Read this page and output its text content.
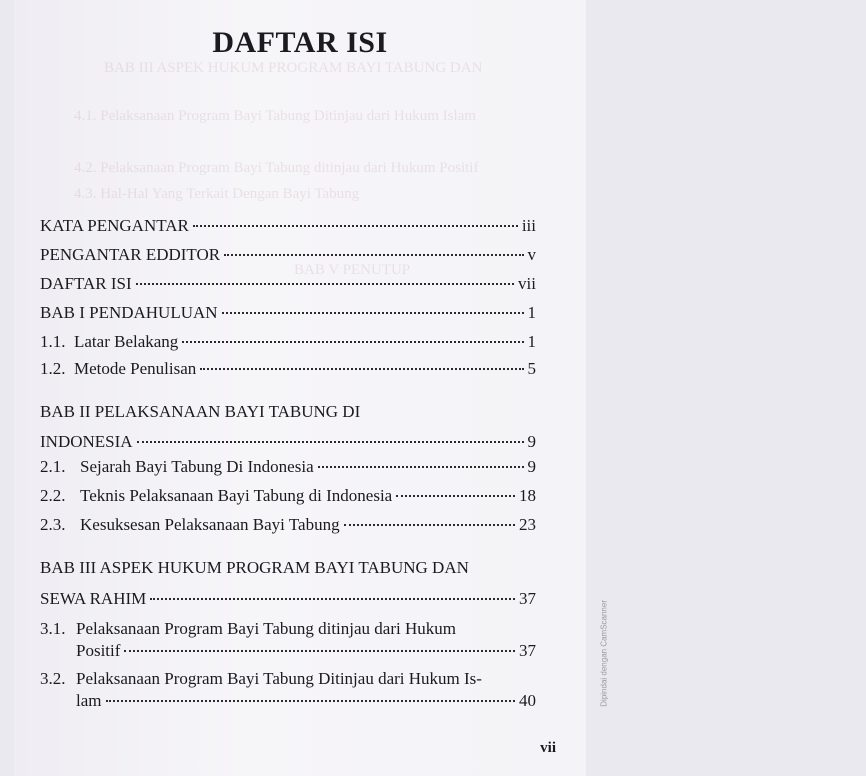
BAB III ASPEK HUKUM PROGRAM BAYI TABUNG DAN
4.1. Pelaksanaan Program Bayi Tabung Ditinjau dari Hukum Islam
4.2. Pelaksanaan Program Bayi Tabung ditinjau dari Hukum Positif
4.3. Hal-Hal Yang Terkait Dengan Bayi Tabung
BAB V PENUTUP
DAFTAR ISI
KATA PENGANTAR	iii
PENGANTAR EDDITOR	v
DAFTAR ISI	vii
BAB I PENDAHULUAN	1
1.1. Latar Belakang	1
1.2. Metode Penulisan	5
BAB II PELAKSANAAN BAYI TABUNG DI
INDONESIA	9
2.1. Sejarah Bayi Tabung Di Indonesia	9
2.2. Teknis Pelaksanaan Bayi Tabung di Indonesia	18
2.3. Kesuksesan Pelaksanaan Bayi Tabung	23
BAB III ASPEK HUKUM PROGRAM BAYI TABUNG DAN
SEWA RAHIM	37
3.1. Pelaksanaan Program Bayi Tabung ditinjau dari Hukum
Positif	37
3.2. Pelaksanaan Program Bayi Tabung Ditinjau dari Hukum Is-
lam	40
vii
Dipindai dengan CamScanner
